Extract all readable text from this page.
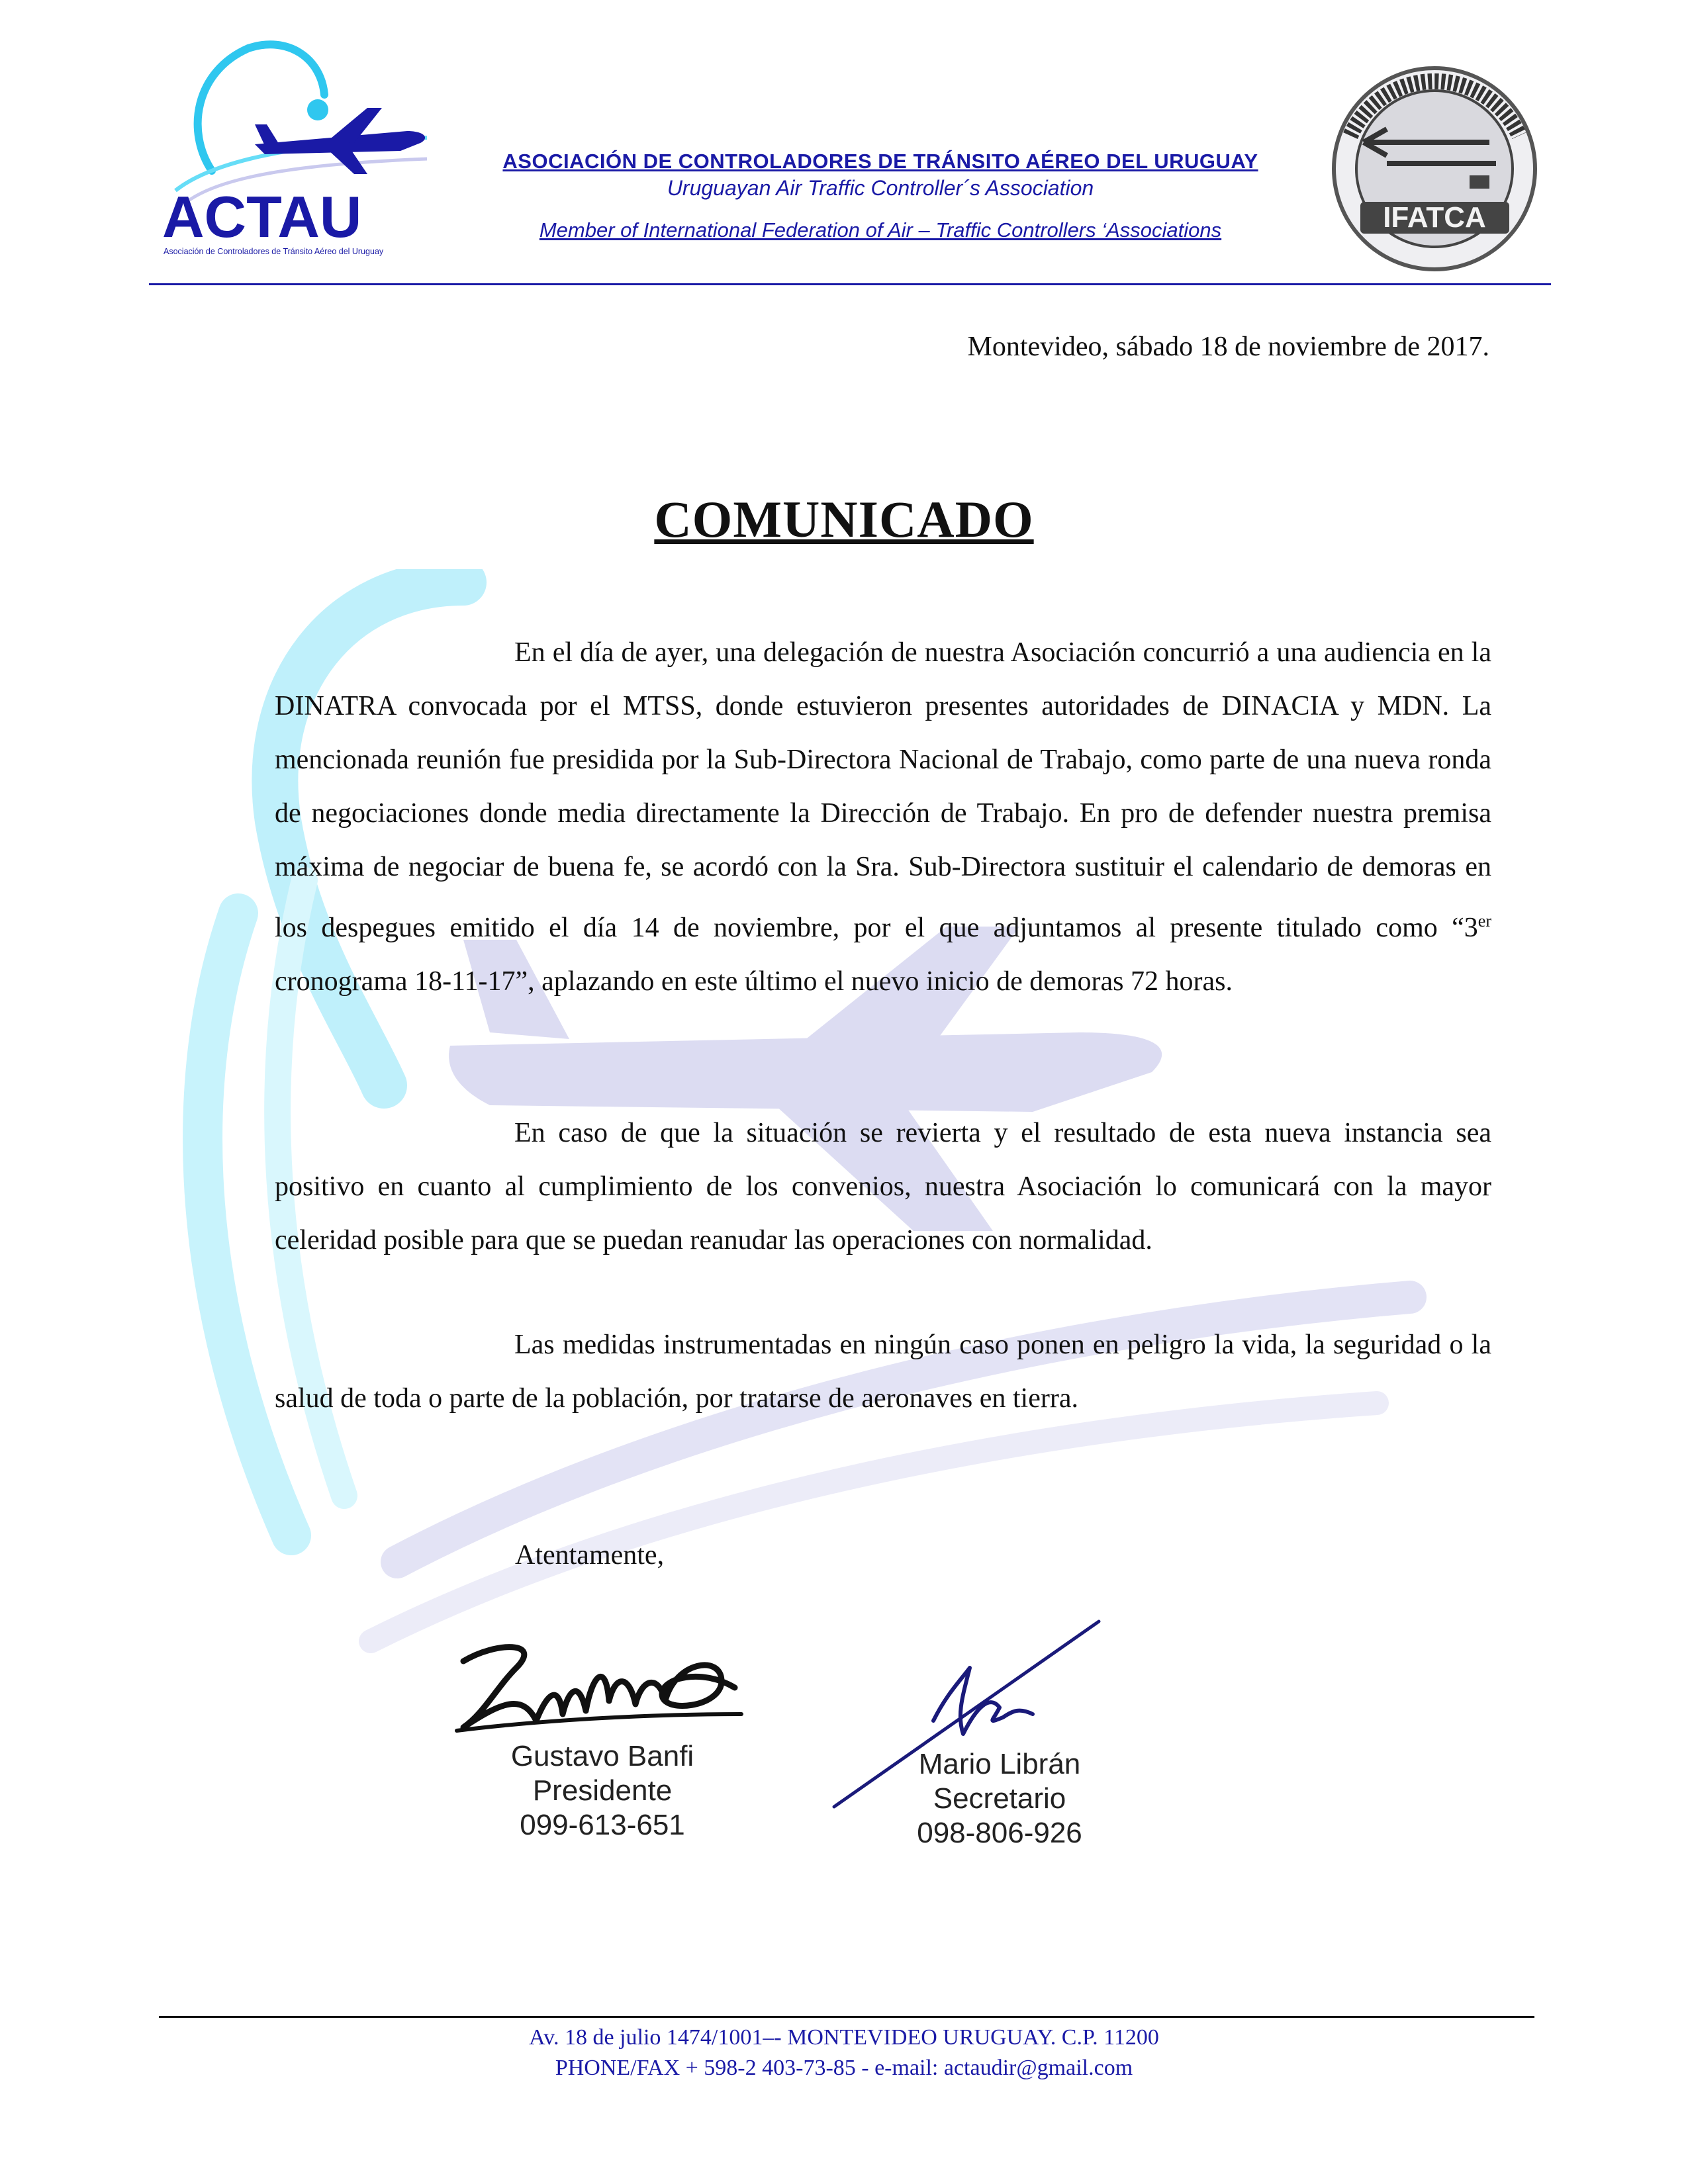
ACTAU
Asociación de Controladores de Tránsito Aéreo del Uruguay
ASOCIACIÓN DE CONTROLADORES DE TRÁNSITO AÉREO DEL URUGUAY
Uruguayan Air Traffic Controller´s Association
Member of International Federation of Air – Traffic Controllers ‘Associations	IFATCA
Montevideo, sábado 18 de noviembre de 2017.
COMUNICADO
En el día de ayer, una delegación de nuestra Asociación concurrió a una audiencia en la DINATRA convocada por el MTSS, donde estuvieron presentes autoridades de DINACIA y MDN. La mencionada reunión fue presidida por la Sub-Directora Nacional de Trabajo, como parte de una nueva ronda de negociaciones donde media directamente la Dirección de Trabajo. En pro de defender nuestra premisa máxima de negociar de buena fe, se acordó con la Sra. Sub-Directora sustituir el calendario de demoras en los despegues emitido el día 14 de noviembre, por el que adjuntamos al presente titulado como “3er cronograma 18-11-17”, aplazando en este último el nuevo inicio de demoras 72 horas.
En caso de que la situación se revierta y el resultado de esta nueva instancia sea positivo en cuanto al cumplimiento de los convenios, nuestra Asociación lo comunicará con la mayor celeridad posible para que se puedan reanudar las operaciones con normalidad.
Las medidas instrumentadas en ningún caso ponen en peligro la vida, la seguridad o la salud de toda o parte de la población, por tratarse de aeronaves en tierra.
Atentamente,
Gustavo Banfi
Presidente
099-613-651
Mario Librán
Secretario
098-806-926
Av. 18 de julio 1474/1001–- MONTEVIDEO URUGUAY. C.P. 11200
PHONE/FAX + 598-2 403-73-85 - e-mail: actaudir@gmail.com
